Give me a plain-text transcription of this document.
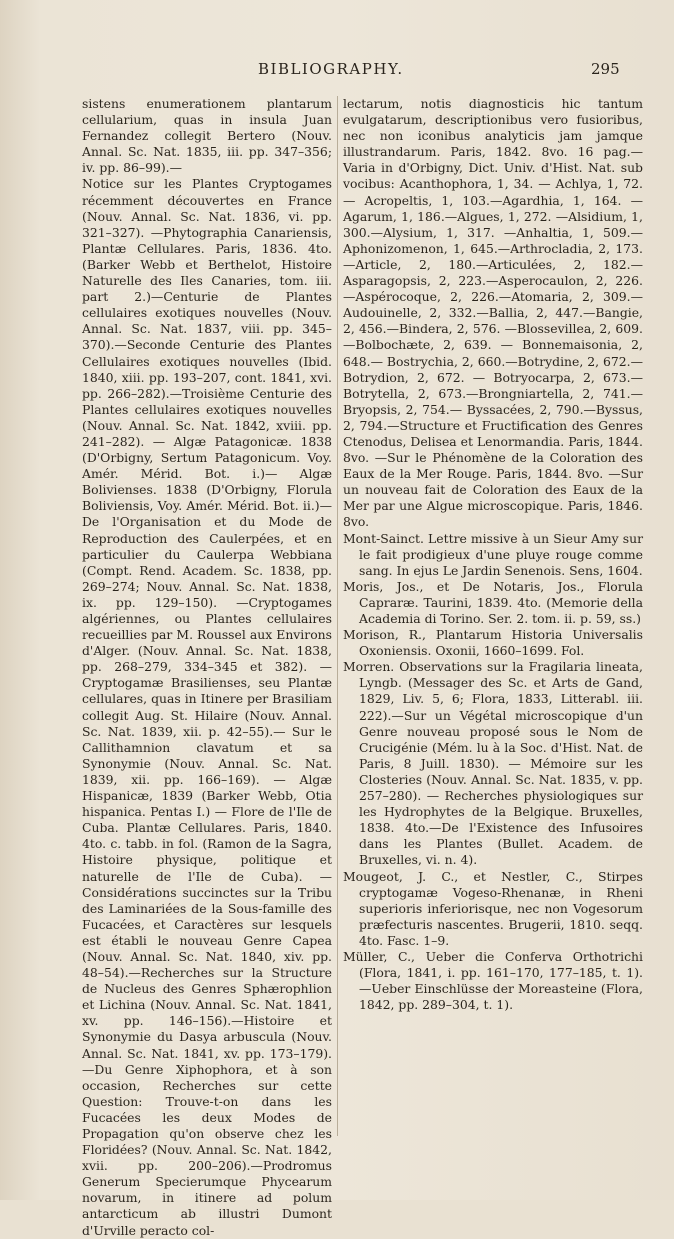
BIBLIOGRAPHY.	295

sistens enumerationem plantarum cellularium, quas in insula Juan Fernandez collegit Bertero (Nouv. Annal. Sc. Nat. 1835, iii. pp. 347–356; iv. pp. 86–99).—

Notice sur les Plantes Cryptogames récemment découvertes en France (Nouv. Annal. Sc. Nat. 1836, vi. pp. 321–327). —Phytographia Canariensis, Plantæ Cellulares. Paris, 1836. 4to. (Barker Webb et Berthelot, Histoire Naturelle des Iles Canaries, tom. iii. part 2.)—Centurie de Plantes cellulaires exotiques nouvelles (Nouv. Annal. Sc. Nat. 1837, viii. pp. 345–370).—Seconde Centurie des Plantes Cellulaires exotiques nouvelles (Ibid. 1840, xiii. pp. 193–207, cont. 1841, xvi. pp. 266–282).—Troisième Centurie des Plantes cellulaires exotiques nouvelles (Nouv. Annal. Sc. Nat. 1842, xviii. pp. 241–282). — Algæ Patagonicæ. 1838 (D'Orbigny, Sertum Patagonicum. Voy. Amér. Mérid. Bot. i.)— Algæ Bolivienses. 1838 (D'Orbigny, Florula Boliviensis, Voy. Amér. Mérid. Bot. ii.)— De l'Organisation et du Mode de Reproduction des Caulerpées, et en particulier du Caulerpa Webbiana (Compt. Rend. Academ. Sc. 1838, pp. 269–274; Nouv. Annal. Sc. Nat. 1838, ix. pp. 129–150). —Cryptogames algériennes, ou Plantes cellulaires recueillies par M. Roussel aux Environs d'Alger. (Nouv. Annal. Sc. Nat. 1838, pp. 268–279, 334–345 et 382). — Cryptogamæ Brasilienses, seu Plantæ cellulares, quas in Itinere per Brasiliam collegit Aug. St. Hilaire (Nouv. Annal. Sc. Nat. 1839, xii. p. 42–55).— Sur le Callithamnion clavatum et sa Synonymie (Nouv. Annal. Sc. Nat. 1839, xii. pp. 166–169). — Algæ Hispanicæ, 1839 (Barker Webb, Otia hispanica. Pentas I.) — Flore de l'Ile de Cuba. Plantæ Cellulares. Paris, 1840. 4to. c. tabb. in fol. (Ramon de la Sagra, Histoire physique, politique et naturelle de l'Ile de Cuba). — Considérations succinctes sur la Tribu des Laminariées de la Sous-famille des Fucacées, et Caractères sur lesquels est établi le nouveau Genre Capea (Nouv. Annal. Sc. Nat. 1840, xiv. pp. 48–54).—Recherches sur la Structure de Nucleus des Genres Sphærophlion et Lichina (Nouv. Annal. Sc. Nat. 1841, xv. pp. 146–156).—Histoire et Synonymie du Dasya arbuscula (Nouv. Annal. Sc. Nat. 1841, xv. pp. 173–179).—Du Genre Xiphophora, et à son occasion, Recherches sur cette Question: Trouve-t-on dans les Fucacées les deux Modes de Propagation qu'on observe chez les Floridées? (Nouv. Annal. Sc. Nat. 1842, xvii. pp. 200–206).—Prodromus Generum Specierumque Phycearum novarum, in itinere ad polum antarcticum ab illustri Dumont d'Urville peracto col-

lectarum, notis diagnosticis hic tantum evulgatarum, descriptionibus vero fusioribus, nec non iconibus analyticis jam jamque illustrandarum. Paris, 1842. 8vo. 16 pag.—Varia in d'Orbigny, Dict. Univ. d'Hist. Nat. sub vocibus: Acanthophora, 1, 34. — Achlya, 1, 72. — Acropeltis, 1, 103.—Agardhia, 1, 164. — Agarum, 1, 186.—Algues, 1, 272. —Alsidium, 1, 300.—Alysium, 1, 317. —Anhaltia, 1, 509.—Aphonizomenon, 1, 645.—Arthrocladia, 2, 173.—Article, 2, 180.—Articulées, 2, 182.—Asparagopsis, 2, 223.—Asperocaulon, 2, 226. —Aspérocoque, 2, 226.—Atomaria, 2, 309.—Audouinelle, 2, 332.—Ballia, 2, 447.—Bangie, 2, 456.—Bindera, 2, 576. —Blossevillea, 2, 609.—Bolbochæte, 2, 639. — Bonnemaisonia, 2, 648.— Bostrychia, 2, 660.—Botrydine, 2, 672.— Botrydion, 2, 672. — Botryocarpa, 2, 673.—Botrytella, 2, 673.—Brongniartella, 2, 741.—Bryopsis, 2, 754.— Byssacées, 2, 790.—Byssus, 2, 794.—Structure et Fructification des Genres Ctenodus, Delisea et Lenormandia. Paris, 1844. 8vo. —Sur le Phénomène de la Coloration des Eaux de la Mer Rouge. Paris, 1844. 8vo. —Sur un nouveau fait de Coloration des Eaux de la Mer par une Algue microscopique. Paris, 1846. 8vo.

Mont-Sainct. Lettre missive à un Sieur Amy sur le fait prodigieux d'une pluye rouge comme sang. In ejus Le Jardin Senenois. Sens, 1604.

Moris, Jos., et De Notaris, Jos., Florula Capraræ. Taurini, 1839. 4to. (Memorie della Academia di Torino. Ser. 2. tom. ii. p. 59, ss.)

Morison, R., Plantarum Historia Universalis Oxoniensis. Oxonii, 1660–1699. Fol.

Morren. Observations sur la Fragilaria lineata, Lyngb. (Messager des Sc. et Arts de Gand, 1829, Liv. 5, 6; Flora, 1833, Litterabl. iii. 222).—Sur un Végétal microscopique d'un Genre nouveau proposé sous le Nom de Crucigénie (Mém. lu à la Soc. d'Hist. Nat. de Paris, 8 Juill. 1830). — Mémoire sur les Closteries (Nouv. Annal. Sc. Nat. 1835, v. pp. 257–280). — Recherches physiologiques sur les Hydrophytes de la Belgique. Bruxelles, 1838. 4to.—De l'Existence des Infusoires dans les Plantes (Bullet. Academ. de Bruxelles, vi. n. 4).

Mougeot, J. C., et Nestler, C., Stirpes cryptogamæ Vogeso-Rhenanæ, in Rheni superioris inferiorisque, nec non Vogesorum præfecturis nascentes. Brugerii, 1810. seqq. 4to. Fasc. 1–9.

Müller, C., Ueber die Conferva Orthotrichi (Flora, 1841, i. pp. 161–170, 177–185, t. 1).—Ueber Einschlüsse der Moreasteine (Flora, 1842, pp. 289–304, t. 1).
